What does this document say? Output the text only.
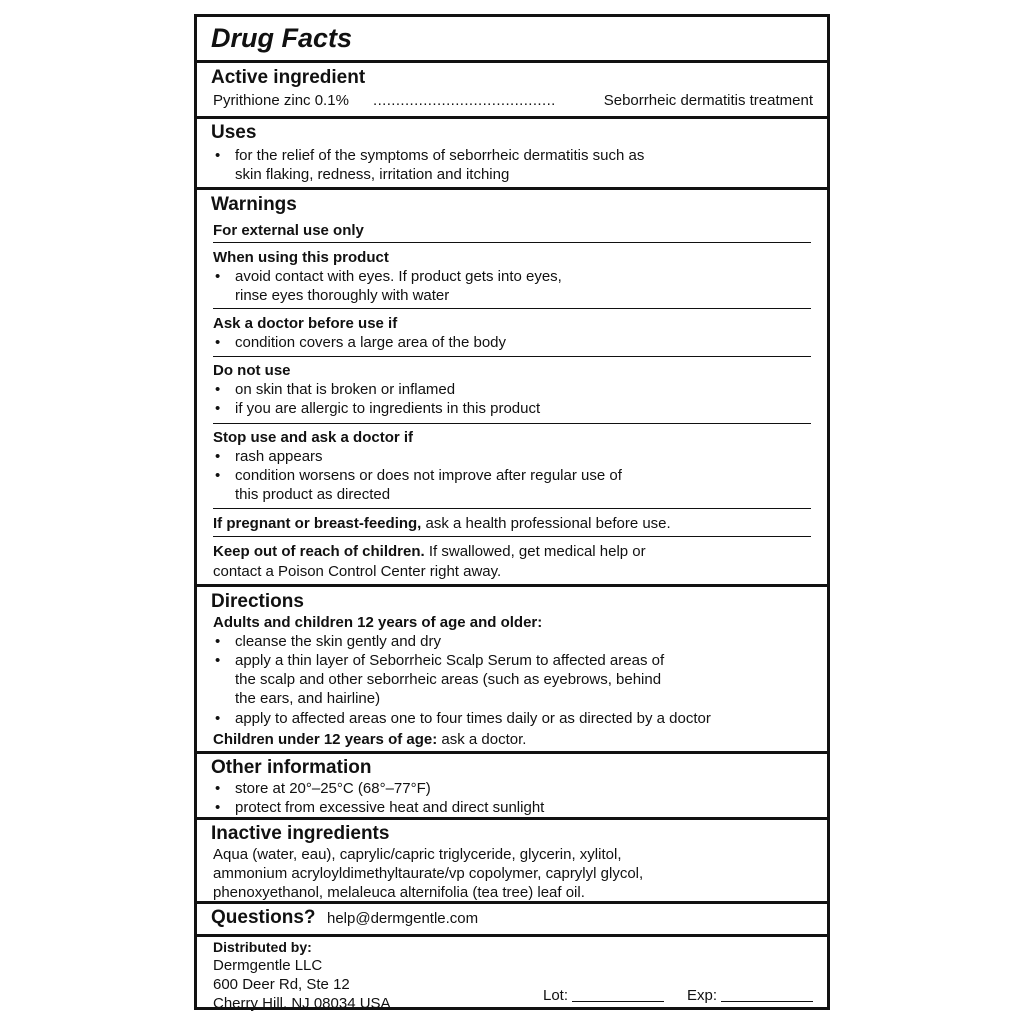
Drug Facts
Active ingredient
Pyrithione zinc 0.1% ........................................	Seborrheic dermatitis treatment
Uses
• for the relief of the symptoms of seborrheic dermatitis such as
skin flaking, redness, irritation and itching
Warnings
For external use only
When using this product
• avoid contact with eyes. If product gets into eyes,
rinse eyes thoroughly with water
Ask a doctor before use if
• condition covers a large area of the body
Do not use
• on skin that is broken or inflamed
• if you are allergic to ingredients in this product
Stop use and ask a doctor if
• rash appears
• condition worsens or does not improve after regular use of
this product as directed
If pregnant or breast-feeding, ask a health professional before use.
Keep out of reach of children. If swallowed, get medical help or
contact a Poison Control Center right away.
Directions
Adults and children 12 years of age and older:
• cleanse the skin gently and dry
• apply a thin layer of Seborrheic Scalp Serum to affected areas of
the scalp and other seborrheic areas (such as eyebrows, behind
the ears, and hairline)
• apply to affected areas one to four times daily or as directed by a doctor
Children under 12 years of age: ask a doctor.
Other information
• store at 20°–25°C (68°–77°F)
• protect from excessive heat and direct sunlight
Inactive ingredients
Aqua (water, eau), caprylic/capric triglyceride, glycerin, xylitol,
ammonium acryloyldimethyltaurate/vp copolymer, caprylyl glycol,
phenoxyethanol, melaleuca alternifolia (tea tree) leaf oil.
Questions? help@dermgentle.com
Distributed by:
Dermgentle LLC
600 Deer Rd, Ste 12
Cherry Hill, NJ 08034 USA	Lot:	Exp:
